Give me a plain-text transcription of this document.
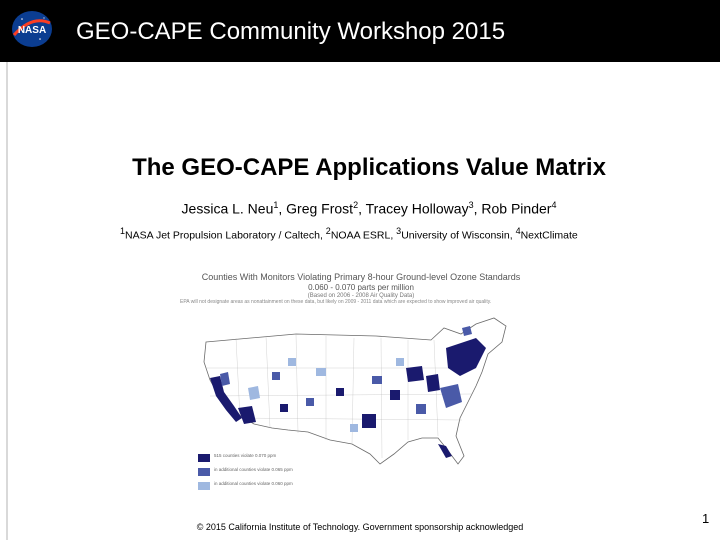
NASA GEO-CAPE Community Workshop 2015
The GEO-CAPE Applications Value Matrix
Jessica L. Neu$^1$, Greg Frost$^2$, Tracey Holloway$^3$, Rob Pinder$^4$
$^1$NASA Jet Propulsion Laboratory / Caltech, $^2$NOAA ESRL, $^3$University of Wisconsin, $^4$NextClimate
Counties With Monitors Violating Primary 8-hour Ground-level Ozone Standards
0.060 - 0.070 parts per million
(Based on 2006 - 2008 Air Quality Data)
EPA will not designate areas as nonattainment on these data, but likely on 2009 - 2011 data which are expected to show improved air quality.
515 counties violate 0.070 ppm
in additional counties violate 0.065 ppm
in additional counties violate 0.060 ppm
© 2015 California Institute of Technology. Government sponsorship acknowledged
1
